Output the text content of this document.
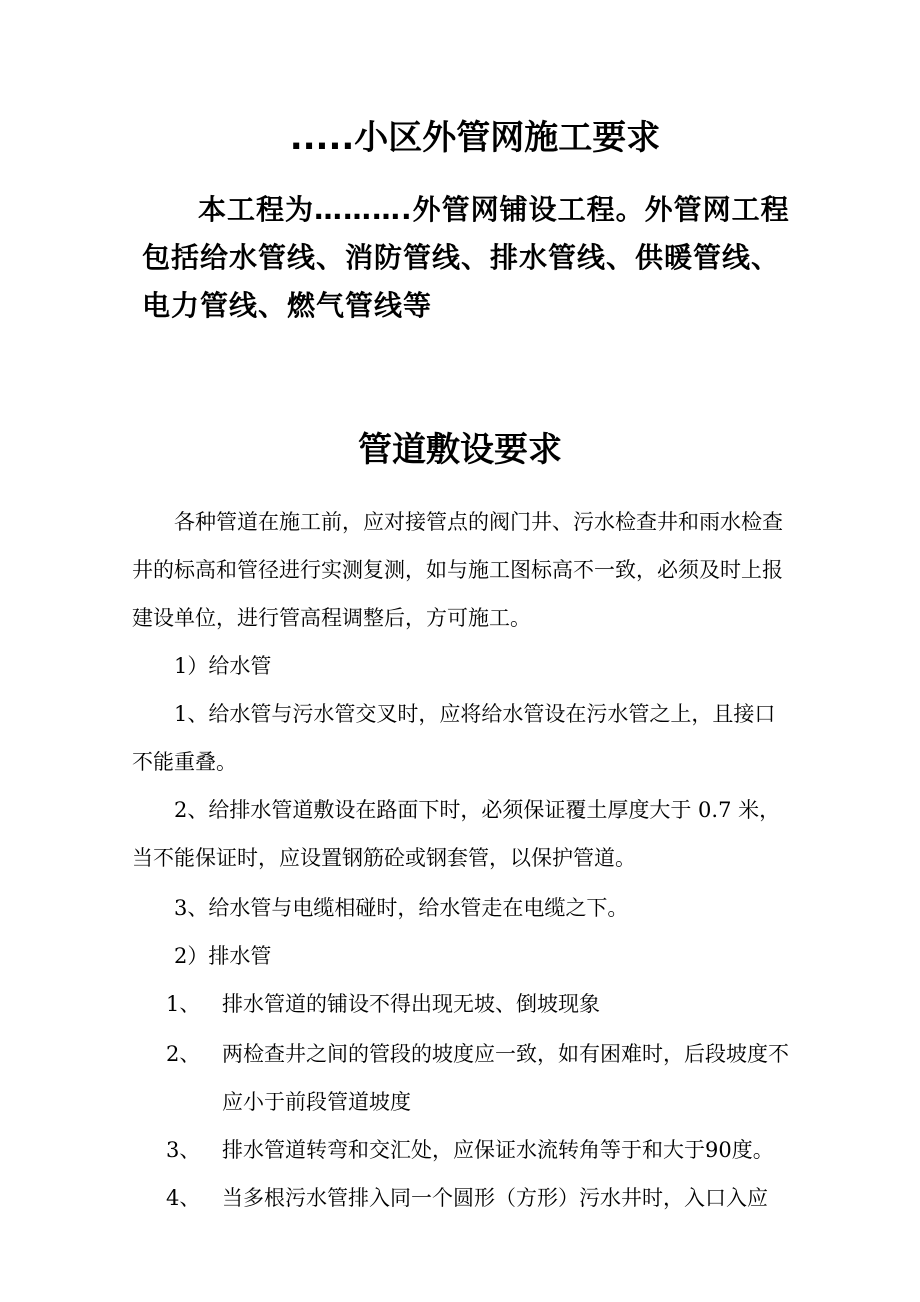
.....小区外管网施工要求
本工程为……….外管网铺设工程。外管网工程包括给水管线、消防管线、排水管线、供暖管线、电力管线、燃气管线等
管道敷设要求
各种管道在施工前，应对接管点的阀门井、污水检查井和雨水检查井的标高和管径进行实测复测，如与施工图标高不一致，必须及时上报建设单位，进行管高程调整后，方可施工。
1）给水管
1、给水管与污水管交叉时，应将给水管设在污水管之上，且接口不能重叠。
2、给排水管道敷设在路面下时，必须保证覆土厚度大于 0.7 米，当不能保证时，应设置钢筋砼或钢套管，以保护管道。
3、给水管与电缆相碰时，给水管走在电缆之下。
2）排水管
1、	排水管道的铺设不得出现无坡、倒坡现象
2、	两检查井之间的管段的坡度应一致，如有困难时，后段坡度不应小于前段管道坡度
3、	排水管道转弯和交汇处，应保证水流转角等于和大于90度。
4、	当多根污水管排入同一个圆形（方形）污水井时，入口入应
